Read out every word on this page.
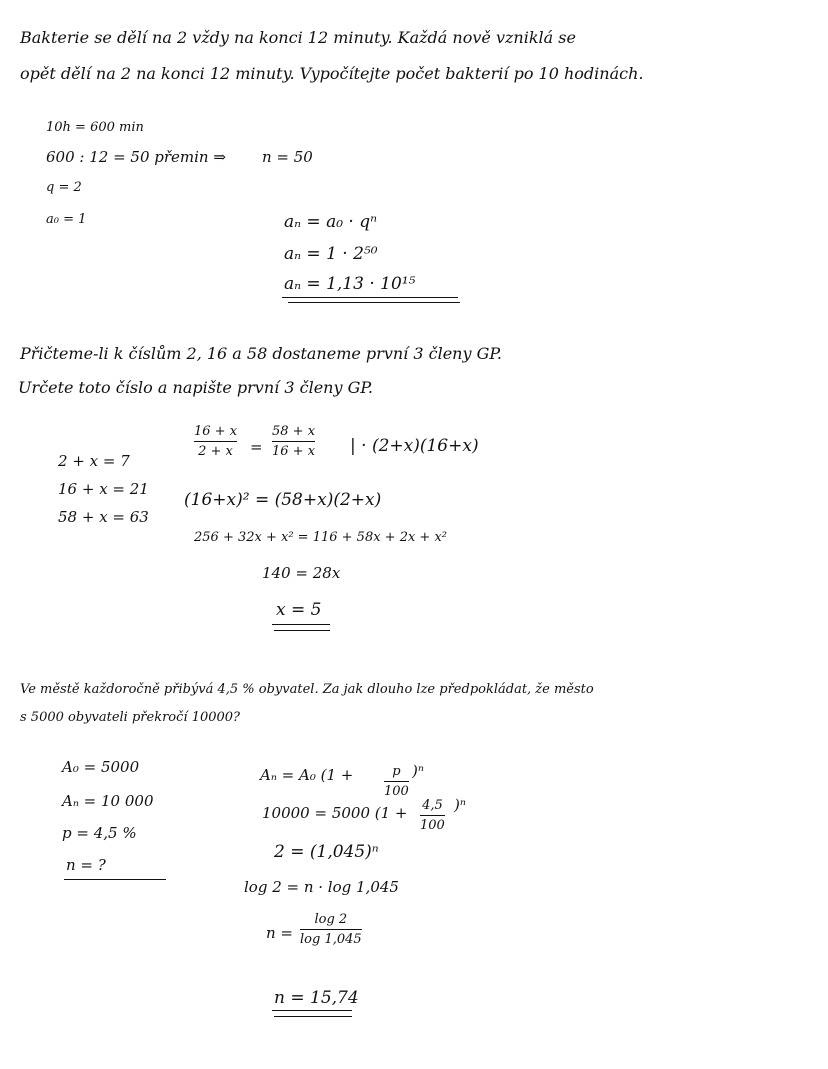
Bakterie se dělí na 2 vždy na konci 12 minuty. Každá nově vzniklá se
opět dělí na 2 na konci 12 minuty. Vypočítejte počet bakterií po 10 hodinách.
10h = 600 min
600 : 12 = 50 přemin ⇒ n = 50
q = 2
a₀ = 1	aₙ = a₀ · qⁿ
aₙ = 1 · 2⁵⁰
aₙ = 1,13 · 10¹⁵
Přičteme-li k číslům 2, 16 a 58 dostaneme první 3 členy GP.
Určete toto číslo a napište první 3 členy GP.
16 + x
2 + x =
58 + x
16 + x | · (2+x)(16+x)
2 + x = 7
16 + x = 21
58 + x = 63
(16+x)² = (58+x)(2+x)
256 + 32x + x² = 116 + 58x + 2x + x²
140 = 28x
x = 5
Ve městě každoročně přibývá 4,5 % obyvatel. Za jak dlouho lze předpokládat, že město
s 5000 obyvateli překročí 10000?
A₀ = 5000
Aₙ = 10 000
p = 4,5 %
n = ?
Aₙ = A₀ (1 +	p
100
)ⁿ
10000 = 5000 (1 + 4,5
100
)ⁿ
2 = (1,045)ⁿ
log 2 = n · log 1,045
n =
log 2
log 1,045
n = 15,74
